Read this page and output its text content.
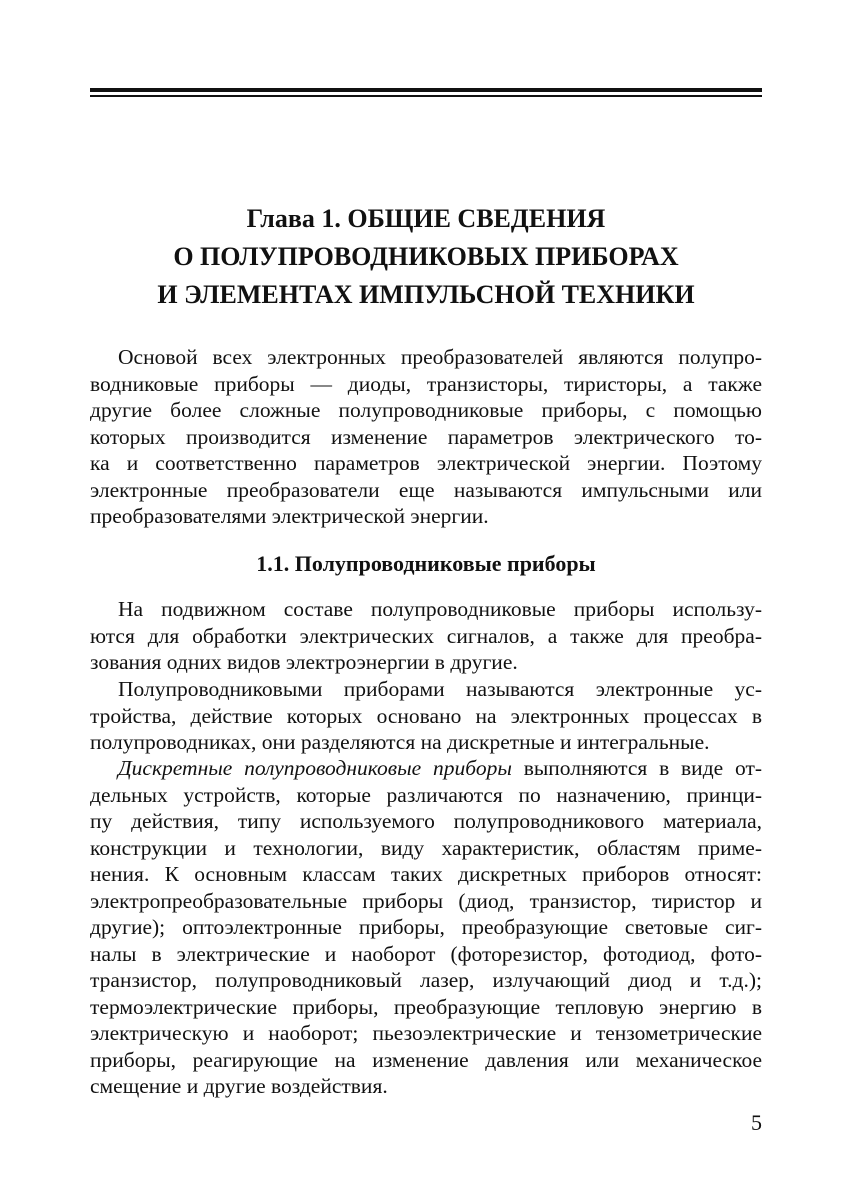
Глава 1. ОБЩИЕ СВЕДЕНИЯ
О ПОЛУПРОВОДНИКОВЫХ ПРИБОРАХ
И ЭЛЕМЕНТАХ ИМПУЛЬСНОЙ ТЕХНИКИ
Основой всех электронных преобразователей являются полупро-
водниковые приборы — диоды, транзисторы, тиристоры, а также
другие более сложные полупроводниковые приборы, с помощью
которых производится изменение параметров электрического то-
ка и соответственно параметров электрической энергии. Поэтому
электронные преобразователи еще называются импульсными или
преобразователями электрической энергии.
1.1. Полупроводниковые приборы
На подвижном составе полупроводниковые приборы использу-
ются для обработки электрических сигналов, а также для преобра-
зования одних видов электроэнергии в другие.
Полупроводниковыми приборами называются электронные ус-
тройства, действие которых основано на электронных процессах в
полупроводниках, они разделяются на дискретные и интегральные.
Дискретные полупроводниковые приборы выполняются в виде от-
дельных устройств, которые различаются по назначению, принци-
пу действия, типу используемого полупроводникового материала,
конструкции и технологии, виду характеристик, областям приме-
нения. К основным классам таких дискретных приборов относят:
электропреобразовательные приборы (диод, транзистор, тиристор и
другие); оптоэлектронные приборы, преобразующие световые сиг-
налы в электрические и наоборот (фоторезистор, фотодиод, фото-
транзистор, полупроводниковый лазер, излучающий диод и т.д.);
термоэлектрические приборы, преобразующие тепловую энергию в
электрическую и наоборот; пьезоэлектрические и тензометрические
приборы, реагирующие на изменение давления или механическое
смещение и другие воздействия.
5
